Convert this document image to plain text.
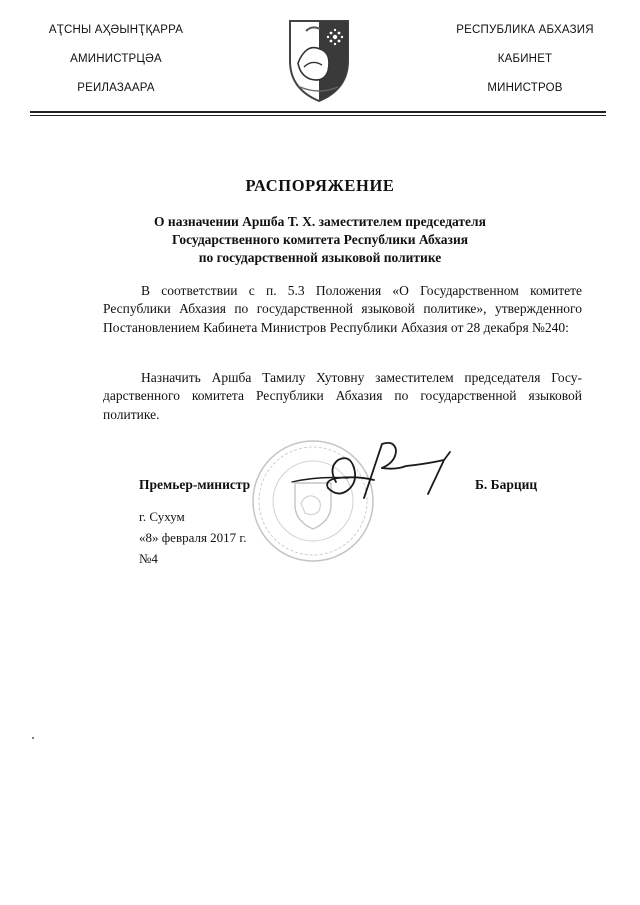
АҬСНЫ АҲӘЫНҬҚАРРА
АМИНИСТРЦӘА
РЕИЛАЗААРА
РЕСПУБЛИКА АБХАЗИЯ
КАБИНЕТ
МИНИСТРОВ
РАСПОРЯЖЕНИЕ
О назначении Аршба Т. Х. заместителем председателя
Государственного комитета Республики Абхазия
по государственной языковой политике

В соответствии с п. 5.3 Положения «О Государственном комитете Республики Абхазия по государственной языковой политике», утвержденного Постановлением Кабинета Министров Республики Абхазия от 28 декабря №240:

Назначить Аршба Тамилу Хутовну заместителем председателя Государственного комитета Республики Абхазия по государственной языковой политике.

Премьер-министр	Б. Барциц
г. Сухум
«8» февраля 2017 г.
№4
